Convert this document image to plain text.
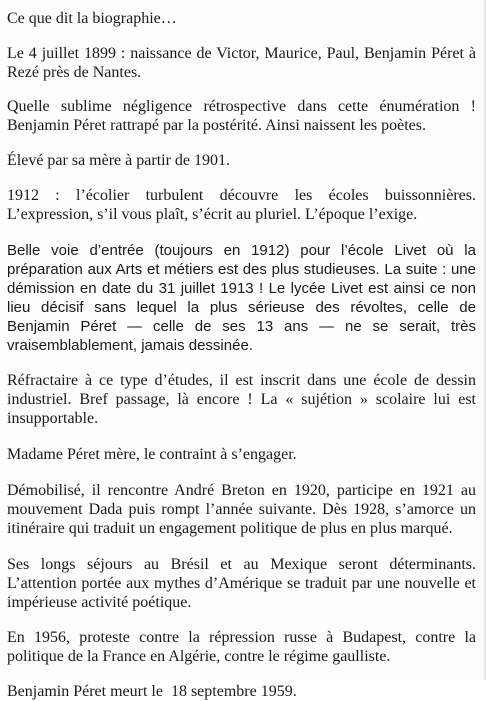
Ce que dit la biographie…

Le 4 juillet 1899 : naissance de Victor, Maurice, Paul, Benjamin Péret à Rezé près de Nantes.

Quelle sublime négligence rétrospective dans cette énumération ! Benjamin Péret rattrapé par la postérité. Ainsi naissent les poètes.

Élevé par sa mère à partir de 1901.

1912 : l’écolier turbulent découvre les écoles buissonnières. L’expression, s’il vous plaît, s’écrit au pluriel. L’époque l’exige.

Belle voie d’entrée (toujours en 1912) pour l’école Livet où la préparation aux Arts et métiers est des plus studieuses. La suite : une démission en date du 31 juillet 1913 ! Le lycée Livet est ainsi ce non lieu décisif sans lequel la plus sérieuse des révoltes, celle de Benjamin Péret — celle de ses 13 ans — ne se serait, très vraisemblablement, jamais dessinée.

Réfractaire à ce type d’études, il est inscrit dans une école de dessin industriel. Bref passage, là encore ! La « sujétion » scolaire lui est insupportable.

Madame Péret mère, le contraint à s’engager.

Démobilisé, il rencontre André Breton en 1920, participe en 1921 au mouvement Dada puis rompt l’année suivante. Dès 1928, s’amorce un itinéraire qui traduit un engagement politique de plus en plus marqué.

Ses longs séjours au Brésil et au Mexique seront déterminants. L’attention portée aux mythes d’Amérique se traduit par une nouvelle et impérieuse activité poétique.

En 1956, proteste contre la répression russe à Budapest, contre la politique de la France en Algérie, contre le régime gaulliste.

Benjamin Péret meurt le  18 septembre 1959.
